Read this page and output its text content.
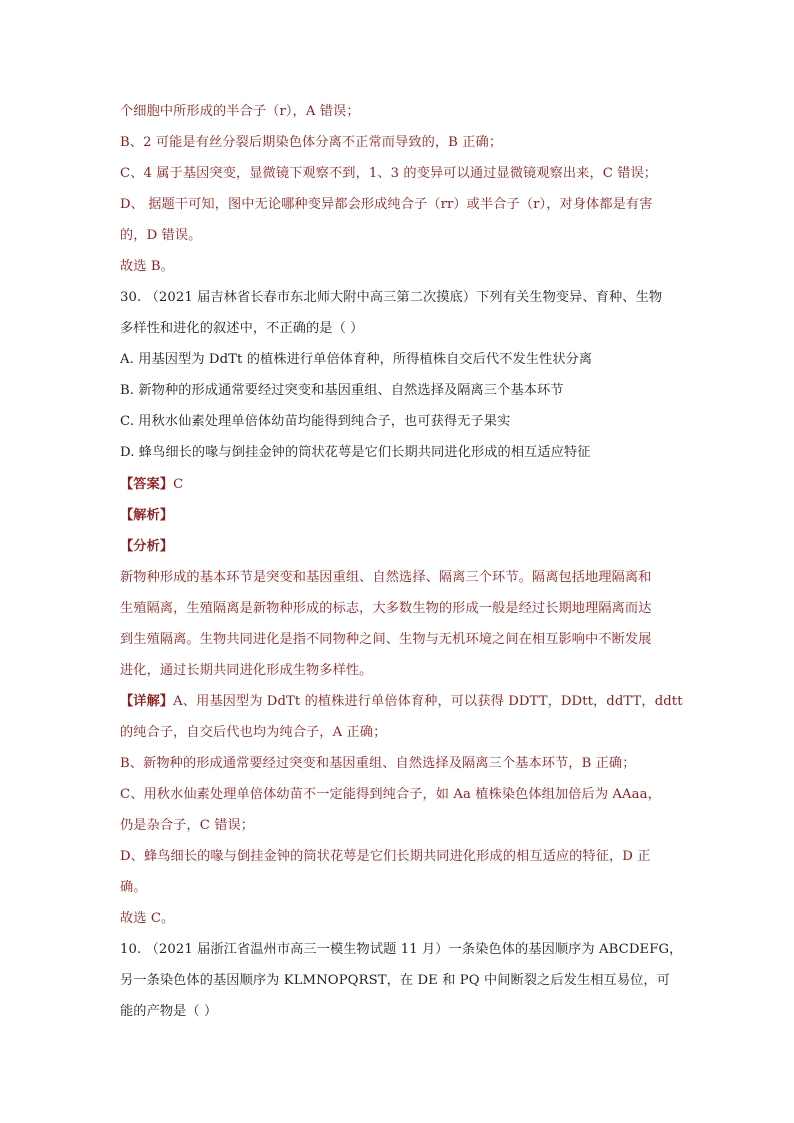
个细胞中所形成的半合子（r），A 错误；
B、2 可能是有丝分裂后期染色体分离不正常而导致的，B 正确；
C、4 属于基因突变，显微镜下观察不到，1、3 的变异可以通过显微镜观察出来，C 错误；
D、 据题干可知，图中无论哪种变异都会形成纯合子（rr）或半合子（r），对身体都是有害
的，D 错误。
故选 B。
30. （2021 届吉林省长春市东北师大附中高三第二次摸底）下列有关生物变异、育种、生物
多样性和进化的叙述中，不正确的是（ ）
A. 用基因型为 DdTt 的植株进行单倍体育种，所得植株自交后代不发生性状分离
B. 新物种的形成通常要经过突变和基因重组、自然选择及隔离三个基本环节
C. 用秋水仙素处理单倍体幼苗均能得到纯合子，也可获得无子果实
D. 蜂鸟细长的喙与倒挂金钟的筒状花萼是它们长期共同进化形成的相互适应特征
【答案】C
【解析】
【分析】
新物种形成的基本环节是突变和基因重组、自然选择、隔离三个环节。隔离包括地理隔离和
生殖隔离，生殖隔离是新物种形成的标志，大多数生物的形成一般是经过长期地理隔离而达
到生殖隔离。生物共同进化是指不同物种之间、生物与无机环境之间在相互影响中不断发展
进化，通过长期共同进化形成生物多样性。
【详解】A、用基因型为 DdTt 的植株进行单倍体育种，可以获得 DDTT，DDtt，ddTT，ddtt
的纯合子，自交后代也均为纯合子，A 正确；
B、新物种的形成通常要经过突变和基因重组、自然选择及隔离三个基本环节，B 正确；
C、用秋水仙素处理单倍体幼苗不一定能得到纯合子，如 Aa 植株染色体组加倍后为 AAaa，
仍是杂合子，C 错误；
D、蜂鸟细长的喙与倒挂金钟的筒状花萼是它们长期共同进化形成的相互适应的特征，D 正
确。
故选 C。
10. （2021 届浙江省温州市高三一模生物试题 11 月）一条染色体的基因顺序为 ABCDEFG，
另一条染色体的基因顺序为 KLMNOPQRST，在 DE 和 PQ 中间断裂之后发生相互易位，可
能的产物是（ ）
